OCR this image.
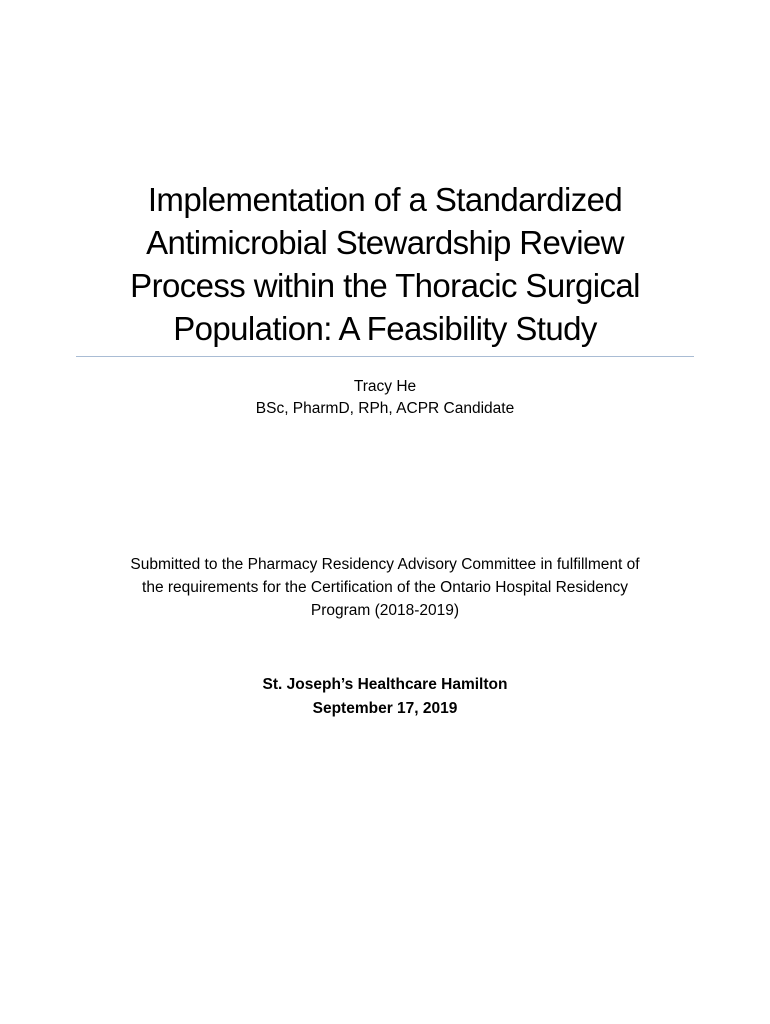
Implementation of a Standardized
Antimicrobial Stewardship Review
Process within the Thoracic Surgical
Population: A Feasibility Study
Tracy He
BSc, PharmD, RPh, ACPR Candidate
Submitted to the Pharmacy Residency Advisory Committee in fulfillment of
the requirements for the Certification of the Ontario Hospital Residency
Program (2018-2019)
St. Joseph’s Healthcare Hamilton
September 17, 2019
